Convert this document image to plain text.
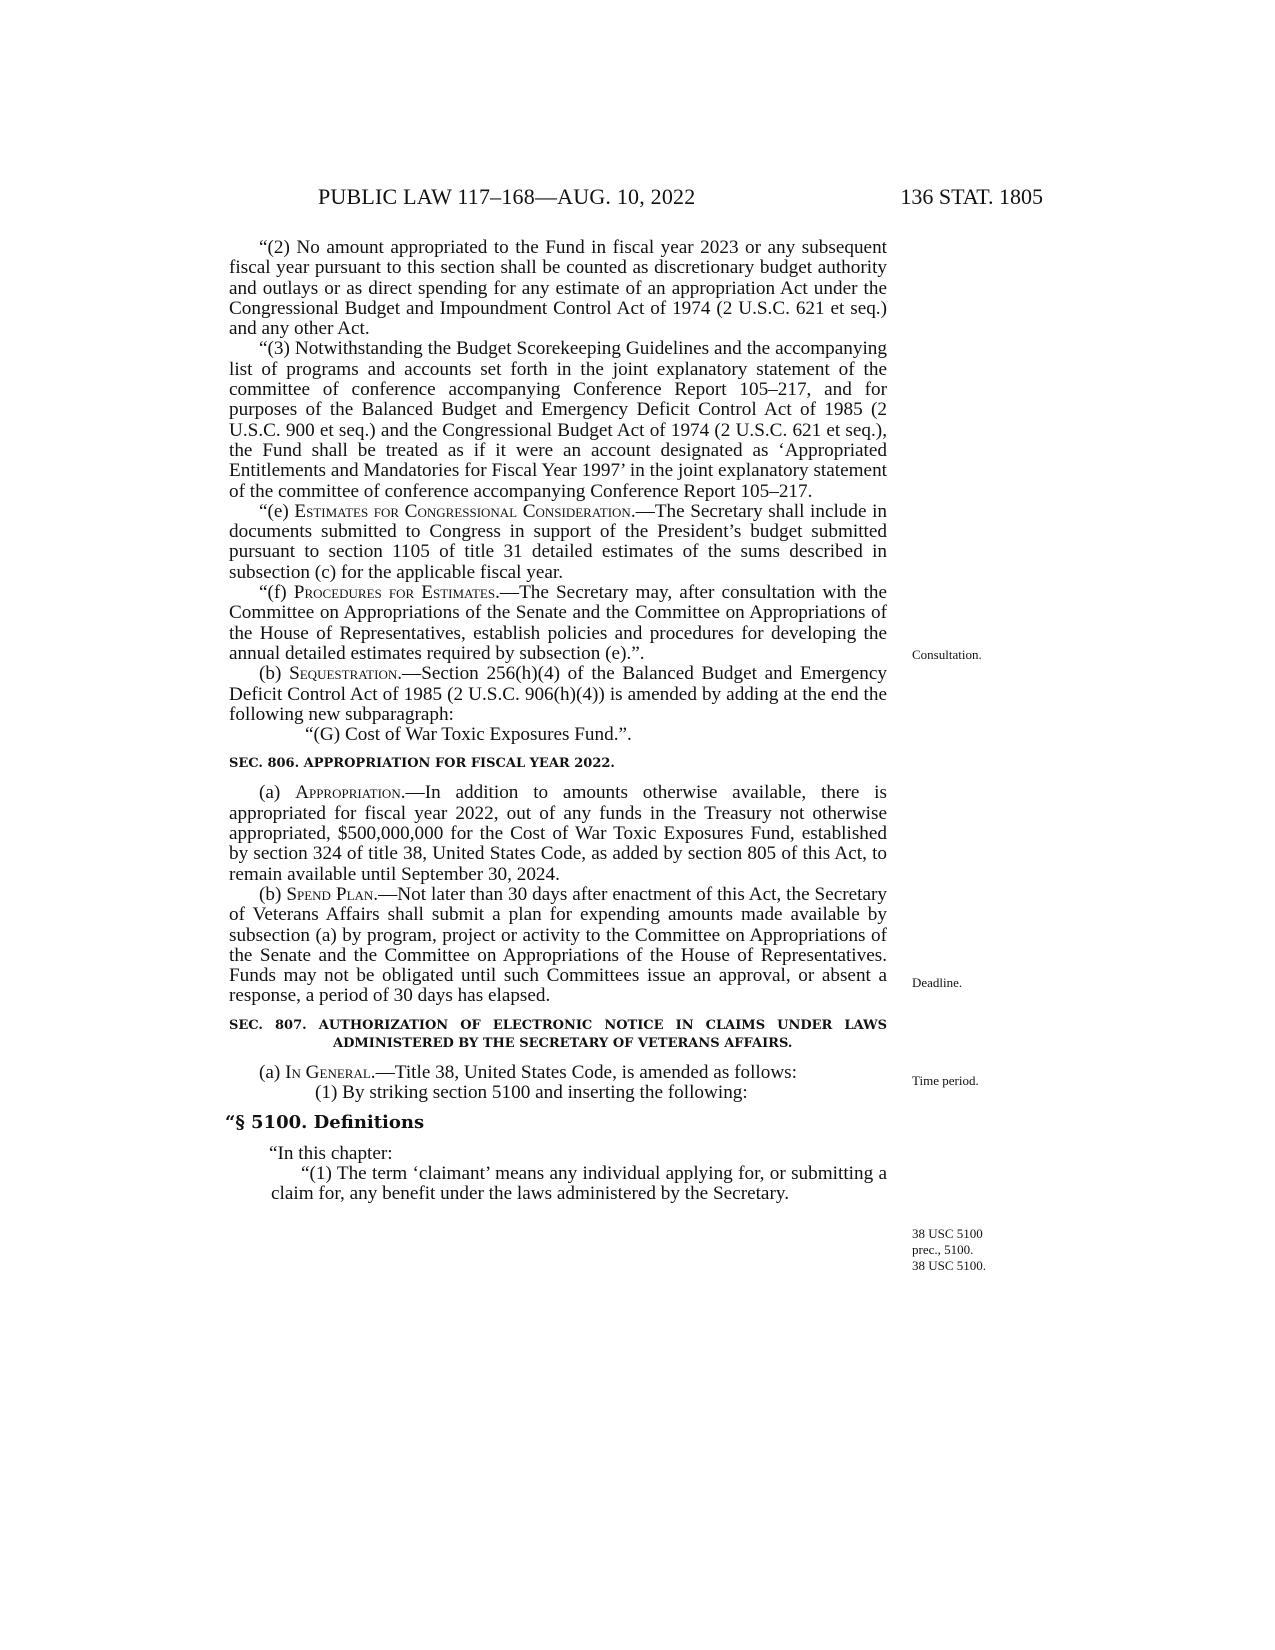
PUBLIC LAW 117–168—AUG. 10, 2022	136 STAT. 1805

“(2) No amount appropriated to the Fund in fiscal year 2023 or any subsequent fiscal year pursuant to this section shall be counted as discretionary budget authority and outlays or as direct spending for any estimate of an appropriation Act under the Congressional Budget and Impoundment Control Act of 1974 (2 U.S.C. 621 et seq.) and any other Act.

“(3) Notwithstanding the Budget Scorekeeping Guidelines and the accompanying list of programs and accounts set forth in the joint explanatory statement of the committee of conference accompanying Conference Report 105–217, and for purposes of the Balanced Budget and Emergency Deficit Control Act of 1985 (2 U.S.C. 900 et seq.) and the Congressional Budget Act of 1974 (2 U.S.C. 621 et seq.), the Fund shall be treated as if it were an account designated as ‘Appropriated Entitlements and Mandatories for Fiscal Year 1997’ in the joint explanatory statement of the committee of conference accompanying Conference Report 105–217.

“(e) Estimates for Congressional Consideration.—The Secretary shall include in documents submitted to Congress in support of the President’s budget submitted pursuant to section 1105 of title 31 detailed estimates of the sums described in subsection (c) for the applicable fiscal year.

“(f) Procedures for Estimates.—The Secretary may, after consultation with the Committee on Appropriations of the Senate and the Committee on Appropriations of the House of Representatives, establish policies and procedures for developing the annual detailed estimates required by subsection (e).”.

(b) Sequestration.—Section 256(h)(4) of the Balanced Budget and Emergency Deficit Control Act of 1985 (2 U.S.C. 906(h)(4)) is amended by adding at the end the following new subparagraph:

“(G) Cost of War Toxic Exposures Fund.”.

SEC. 806. APPROPRIATION FOR FISCAL YEAR 2022.

(a) Appropriation.—In addition to amounts otherwise available, there is appropriated for fiscal year 2022, out of any funds in the Treasury not otherwise appropriated, $500,000,000 for the Cost of War Toxic Exposures Fund, established by section 324 of title 38, United States Code, as added by section 805 of this Act, to remain available until September 30, 2024.

(b) Spend Plan.—Not later than 30 days after enactment of this Act, the Secretary of Veterans Affairs shall submit a plan for expending amounts made available by subsection (a) by program, project or activity to the Committee on Appropriations of the Senate and the Committee on Appropriations of the House of Representatives. Funds may not be obligated until such Committees issue an approval, or absent a response, a period of 30 days has elapsed.

SEC. 807. AUTHORIZATION OF ELECTRONIC NOTICE IN CLAIMS UNDER LAWS ADMINISTERED BY THE SECRETARY OF VETERANS AFFAIRS.

(a) In General.—Title 38, United States Code, is amended as follows:

(1) By striking section 5100 and inserting the following:

“§ 5100. Definitions

“In this chapter:

“(1) The term ‘claimant’ means any individual applying for, or submitting a claim for, any benefit under the laws administered by the Secretary.

Consultation.
Deadline.
Time period.
38 USC 5100
prec., 5100.
38 USC 5100.
